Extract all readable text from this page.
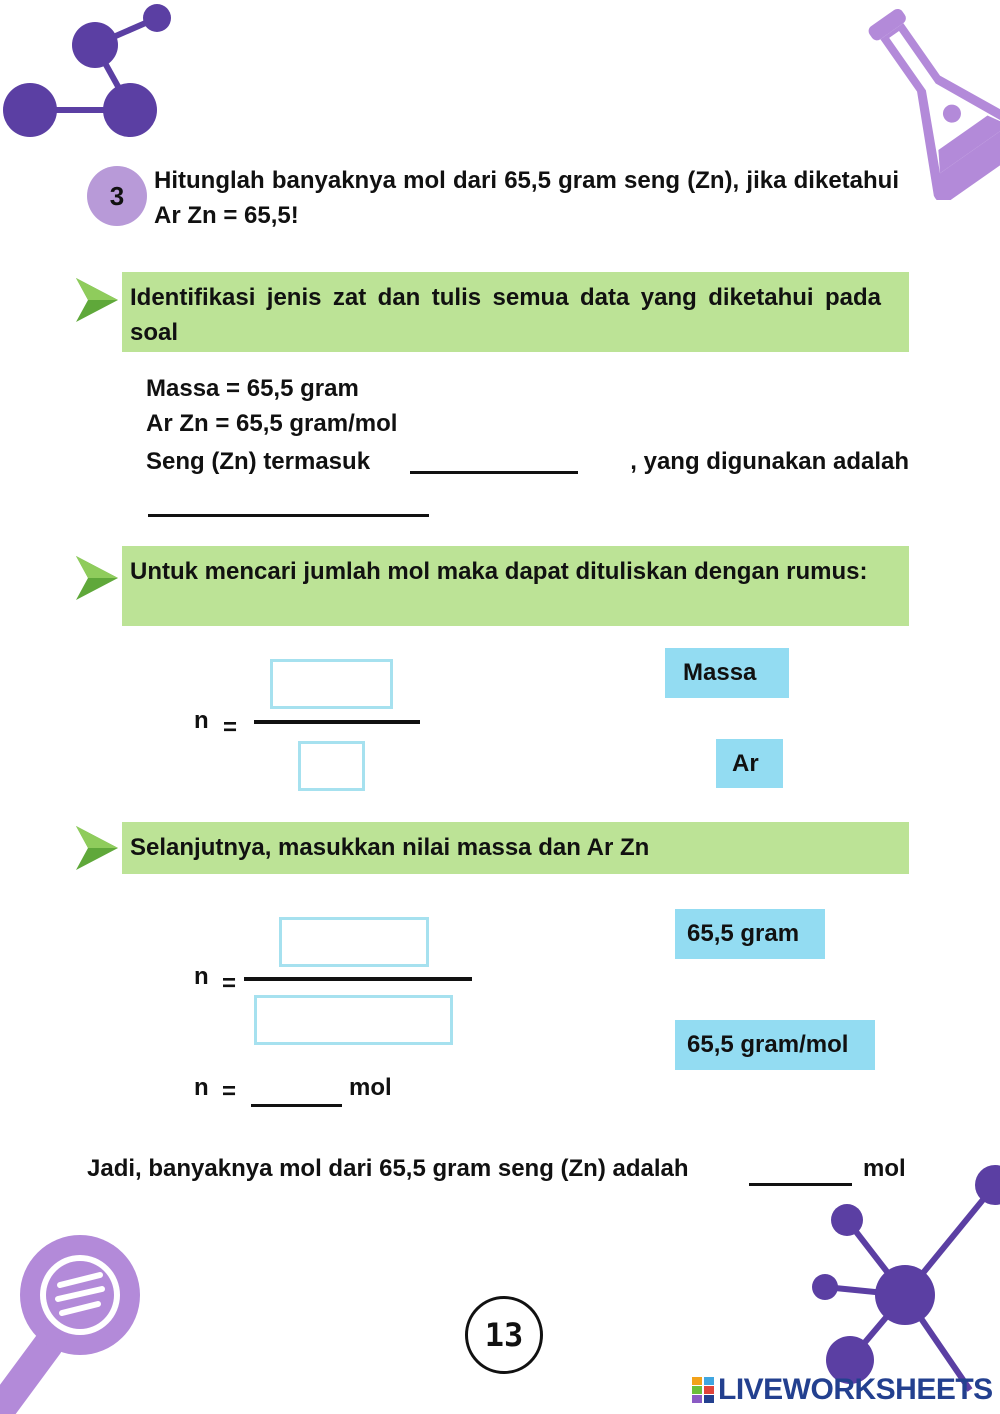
3	Hitunglah banyaknya mol dari 65,5 gram seng (Zn), jika diketahui Ar Zn = 65,5!
Identifikasi jenis zat dan tulis semua data yang diketahui pada soal
Massa = 65,5 gram
Ar Zn = 65,5 gram/mol
Seng (Zn) termasuk	, yang digunakan adalah
Untuk mencari jumlah mol maka dapat dituliskan dengan rumus:
n =
Massa
Ar
Selanjutnya, masukkan nilai massa dan Ar Zn
n =
65,5 gram
65,5 gram/mol
n =	mol
Jadi, banyaknya mol dari 65,5 gram seng (Zn) adalah	mol
13
LIVEWORKSHEETS
